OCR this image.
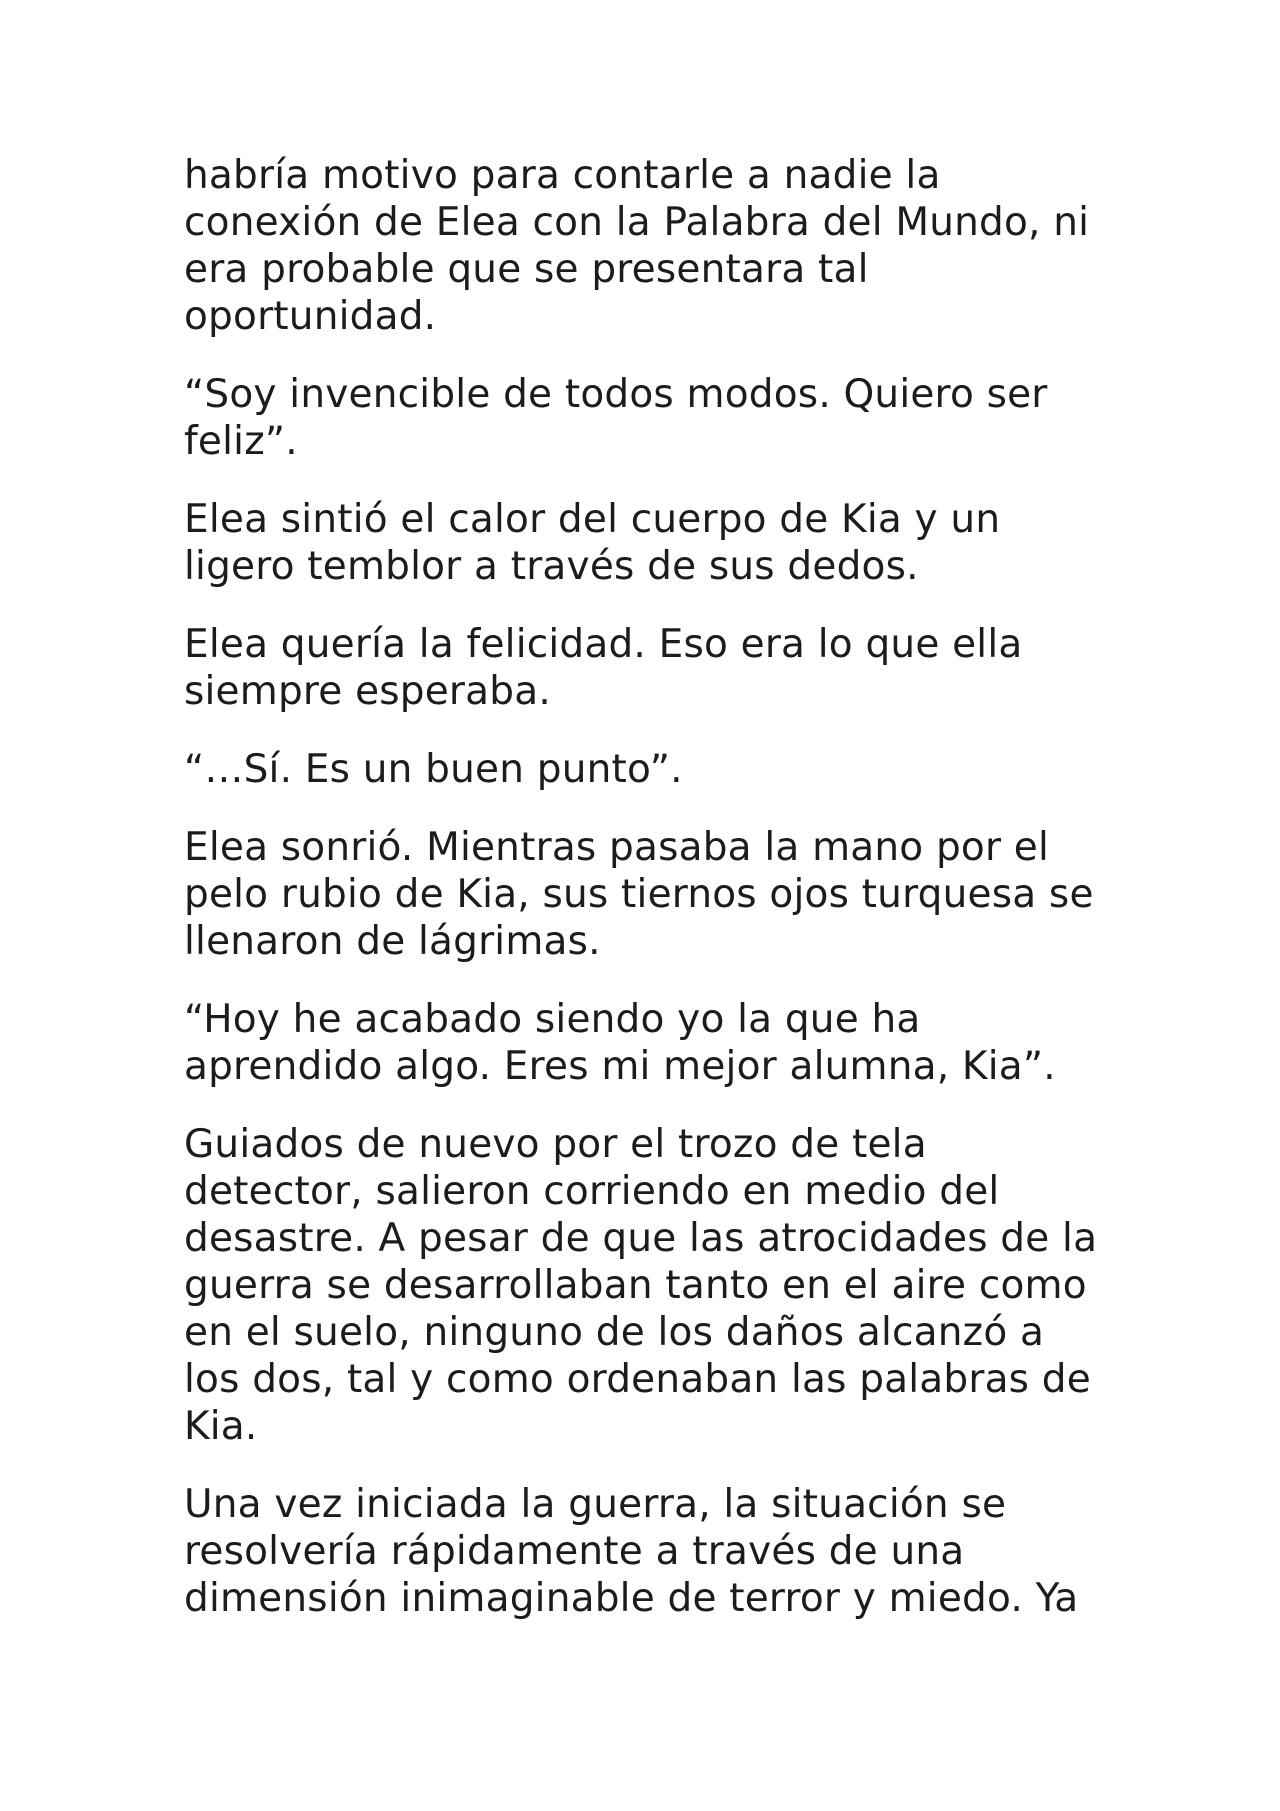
habría motivo para contarle a nadie la
conexión de Elea con la Palabra del Mundo, ni
era probable que se presentara tal
oportunidad.

“Soy invencible de todos modos. Quiero ser
feliz”.

Elea sintió el calor del cuerpo de Kia y un
ligero temblor a través de sus dedos.

Elea quería la felicidad. Eso era lo que ella
siempre esperaba.

“…Sí. Es un buen punto”.

Elea sonrió. Mientras pasaba la mano por el
pelo rubio de Kia, sus tiernos ojos turquesa se
llenaron de lágrimas.

“Hoy he acabado siendo yo la que ha
aprendido algo. Eres mi mejor alumna, Kia”.

Guiados de nuevo por el trozo de tela
detector, salieron corriendo en medio del
desastre. A pesar de que las atrocidades de la
guerra se desarrollaban tanto en el aire como
en el suelo, ninguno de los daños alcanzó a
los dos, tal y como ordenaban las palabras de
Kia.

Una vez iniciada la guerra, la situación se
resolvería rápidamente a través de una
dimensión inimaginable de terror y miedo. Ya
